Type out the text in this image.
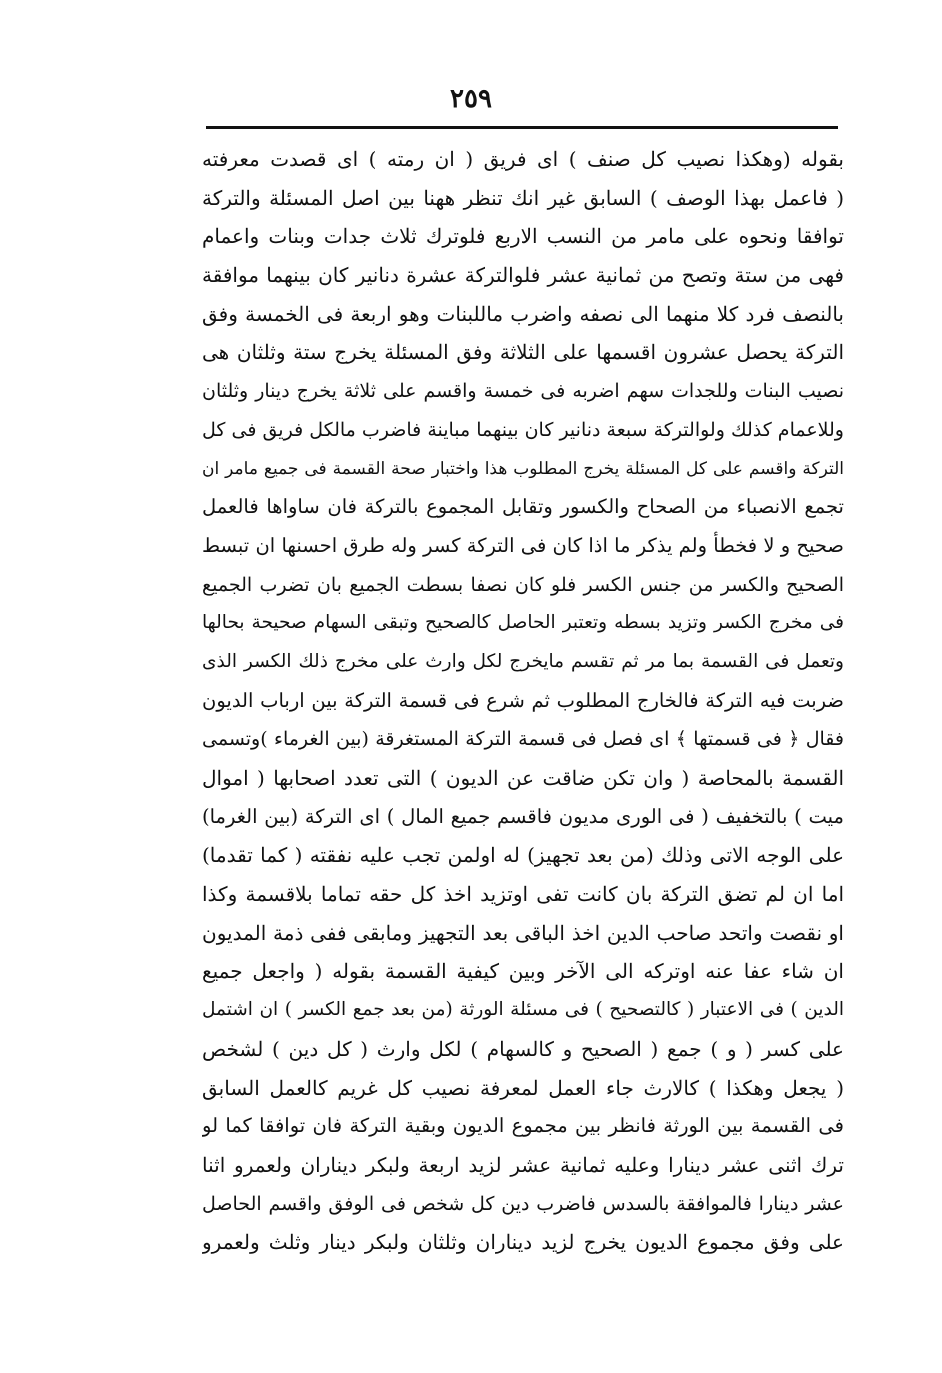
٢٥٩
بقوله (وهكذا نصيب كل صنف ) اى فريق ( ان رمته ) اى قصدت معرفته
( فاعمل بهذا الوصف ) السابق غير انك تنظر ههنا بين اصل المسئلة والتركة
توافقا ونحوه على مامر من النسب الاربع فلوترك ثلاث جدات وبنات واعمام
فهى من ستة وتصح من ثمانية عشر فلوالتركة عشرة دنانير كان بينهما موافقة
بالنصف فرد كلا منهما الى نصفه واضرب ماللبنات وهو اربعة فى الخمسة وفق
التركة يحصل عشرون اقسمها على الثلاثة وفق المسئلة يخرج ستة وثلثان هى
نصيب البنات وللجدات سهم اضربه فى خمسة واقسم على ثلاثة يخرج دينار وثلثان
وللاعمام كذلك ولوالتركة سبعة دنانير كان بينهما مباينة فاضرب مالكل فريق فى كل
التركة واقسم على كل المسئلة يخرج المطلوب هذا واختبار صحة القسمة فى جميع مامر ان
تجمع الانصباء من الصحاح والكسور وتقابل المجموع بالتركة فان ساواها فالعمل
صحيح و لا فخطأ ولم يذكر ما اذا كان فى التركة كسر وله طرق احسنها ان تبسط
الصحيح والكسر من جنس الكسر فلو كان نصفا بسطت الجميع بان تضرب الجميع
فى مخرج الكسر وتزيد بسطه وتعتبر الحاصل كالصحيح وتبقى السهام صحيحة بحالها
وتعمل فى القسمة بما مر ثم تقسم مايخرج لكل وارث على مخرج ذلك الكسر الذى
ضربت فيه التركة فالخارج المطلوب ثم شرع فى قسمة التركة بين ارباب الديون
فقال ﴿ فى قسمتها ﴾ اى فصل فى قسمة التركة المستغرقة (بين الغرماء )وتسمى
القسمة بالمحاصة ( وان تكن ضاقت عن الديون ) التى تعدد اصحابها ( اموال
ميت ) بالتخفيف ( فى الورى مديون فاقسم جميع المال ) اى التركة (بين الغرما)
على الوجه الاتى وذلك (من بعد تجهيز) له اولمن تجب عليه نفقته ( كما تقدما)
اما ان لم تضق التركة بان كانت تفى اوتزيد اخذ كل حقه تماما بلاقسمة وكذا
او نقصت واتحد صاحب الدين اخذ الباقى بعد التجهيز ومابقى ففى ذمة المديون
ان شاء عفا عنه اوتركه الى الآخر وبين كيفية القسمة بقوله ( واجعل جميع
الدين ) فى الاعتبار ( كالتصحيح ) فى مسئلة الورثة (من بعد جمع الكسر ) ان اشتمل
على كسر ( و ) جمع ( الصحيح و كالسهام ) لكل وارث ( كل دين ) لشخص
( يجعل وهكذا ) كالارث جاء العمل لمعرفة نصيب كل غريم كالعمل السابق
فى القسمة بين الورثة فانظر بين مجموع الديون وبقية التركة فان توافقا كما لو
ترك اثنى عشر دينارا وعليه ثمانية عشر لزيد اربعة ولبكر ديناران ولعمرو اثنا
عشر دينارا فالموافقة بالسدس فاضرب دين كل شخص فى الوفق واقسم الحاصل
على وفق مجموع الديون يخرج لزيد ديناران وثلثان ولبكر دينار وثلث ولعمرو
